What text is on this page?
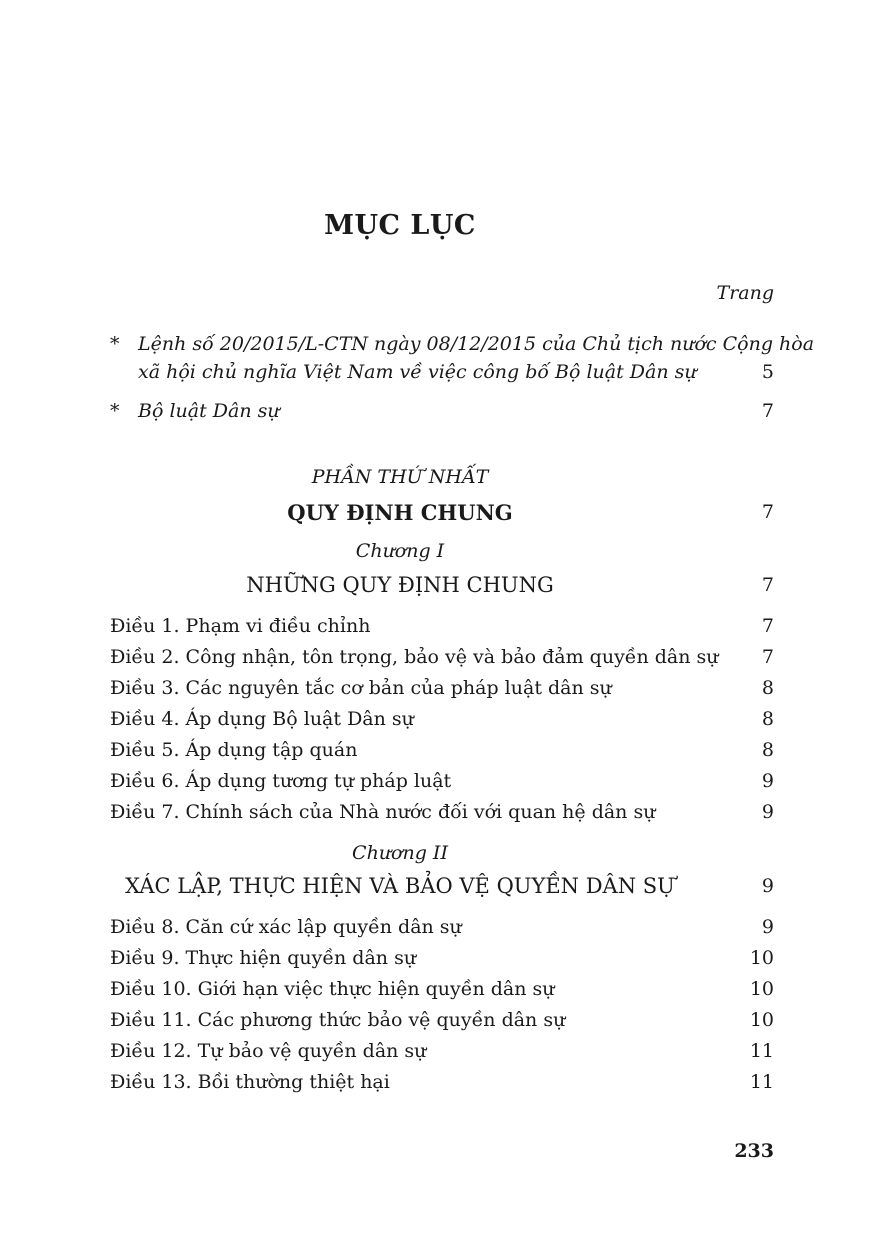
MỤC LỤC
Trang
* Lệnh số 20/2015/L-CTN ngày 08/12/2015 của Chủ tịch nước Cộng hòa
xã hội chủ nghĩa Việt Nam về việc công bố Bộ luật Dân sự	5
* Bộ luật Dân sự	7
PHẦN THỨ NHẤT
QUY ĐỊNH CHUNG	7
Chương I
NHỮNG QUY ĐỊNH CHUNG	7
Điều 1. Phạm vi điều chỉnh	7
Điều 2. Công nhận, tôn trọng, bảo vệ và bảo đảm quyền dân sự 7
Điều 3. Các nguyên tắc cơ bản của pháp luật dân sự	8
Điều 4. Áp dụng Bộ luật Dân sự	8
Điều 5. Áp dụng tập quán	8
Điều 6. Áp dụng tương tự pháp luật	9
Điều 7. Chính sách của Nhà nước đối với quan hệ dân sự	9
Chương II
XÁC LẬP, THỰC HIỆN VÀ BẢO VỆ QUYỀN DÂN SỰ	9
Điều 8. Căn cứ xác lập quyền dân sự	9
Điều 9. Thực hiện quyền dân sự	10
Điều 10. Giới hạn việc thực hiện quyền dân sự	10
Điều 11. Các phương thức bảo vệ quyền dân sự	10
Điều 12. Tự bảo vệ quyền dân sự	11
Điều 13. Bồi thường thiệt hại	11
233
